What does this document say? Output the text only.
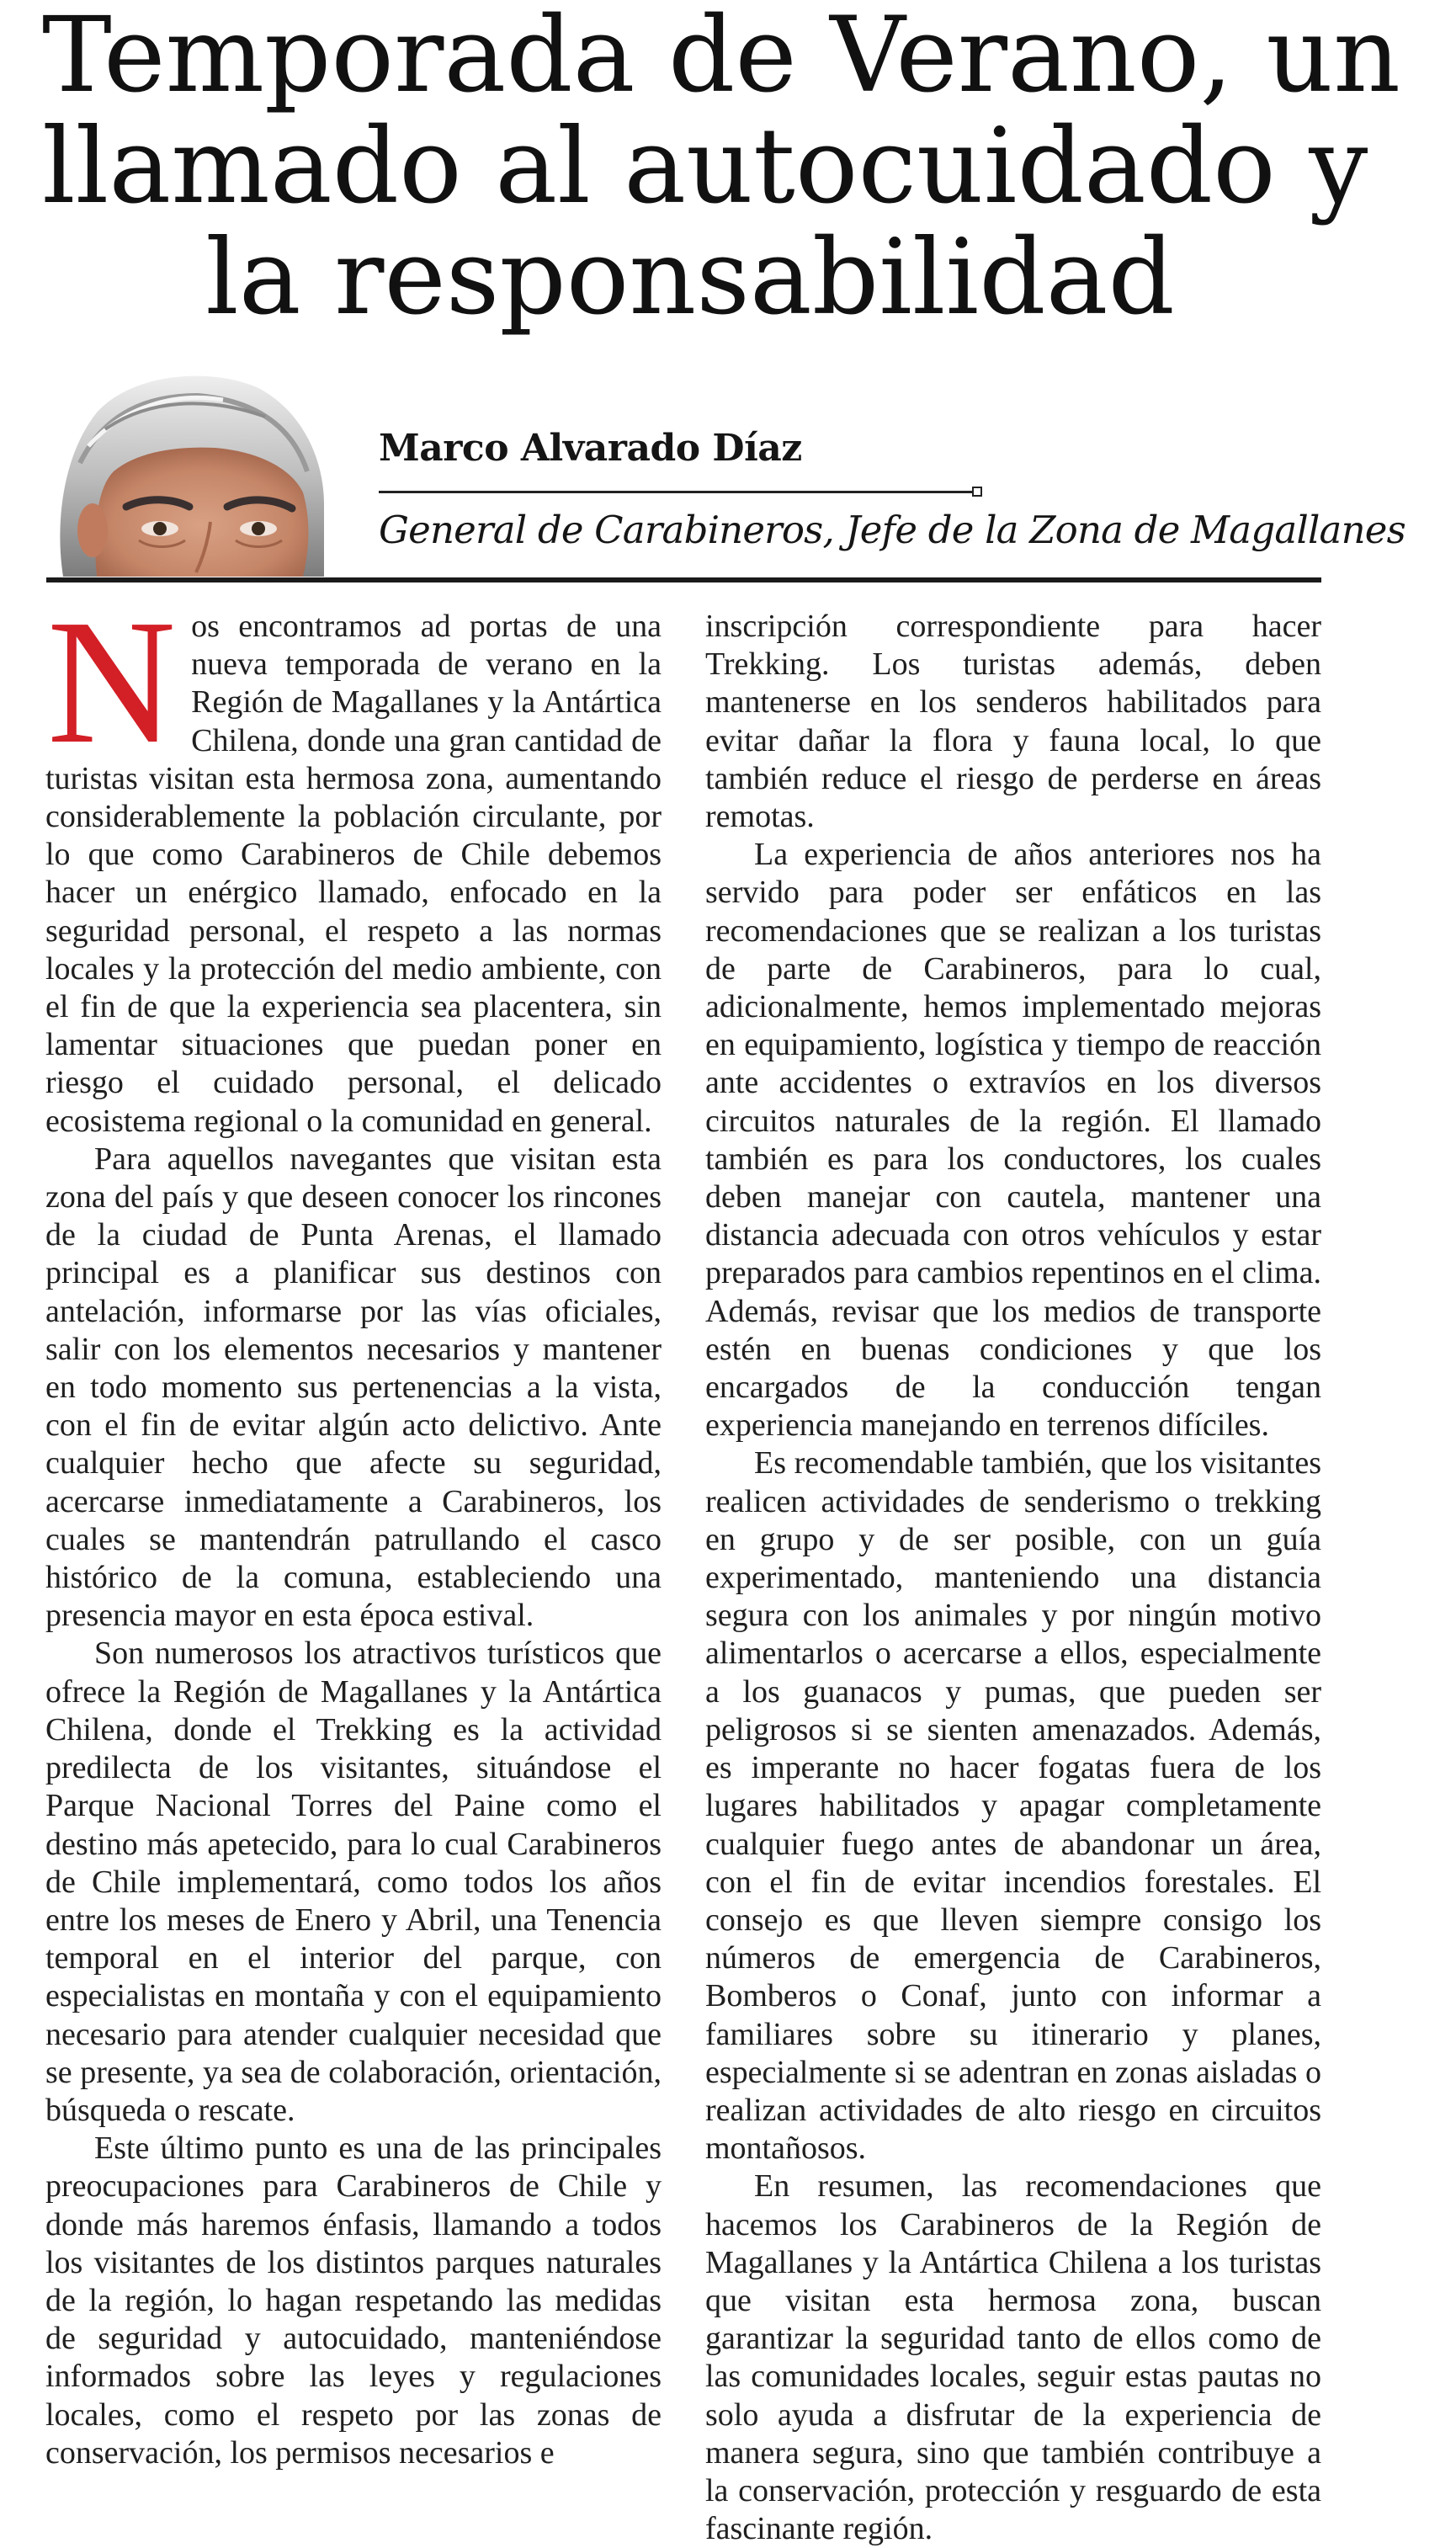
Temporada de Verano, un
llamado al autocuidado y
la responsabilidad
Marco Alvarado Díaz

General de Carabineros, Jefe de la Zona de Magallanes

Nos encontramos ad portas de una nueva temporada de verano en la Región de Magallanes y la Antártica Chilena, donde una gran cantidad de turistas visitan esta hermosa zona, aumentando considerablemente la población circulante, por lo que como Carabineros de Chile debemos hacer un enérgico llamado, enfocado en la seguridad personal, el respeto a las normas locales y la protección del medio ambiente, con el fin de que la experiencia sea placentera, sin lamentar situaciones que puedan poner en riesgo el cuidado personal, el delicado ecosistema regional o la comunidad en general.

Para aquellos navegantes que visitan esta zona del país y que deseen conocer los rincones de la ciudad de Punta Arenas, el llamado principal es a planificar sus destinos con antelación, informarse por las vías oficiales, salir con los elementos necesarios y mantener en todo momento sus pertenencias a la vista, con el fin de evitar algún acto delictivo. Ante cualquier hecho que afecte su seguridad, acercarse inmediatamente a Carabineros, los cuales se mantendrán patrullando el casco histórico de la comuna, estableciendo una presencia mayor en esta época estival.

Son numerosos los atractivos turísticos que ofrece la Región de Magallanes y la Antártica Chilena, donde el Trekking es la actividad predilecta de los visitantes, situándose el Parque Nacional Torres del Paine como el destino más apetecido, para lo cual Carabineros de Chile implementará, como todos los años entre los meses de Enero y Abril, una Tenencia temporal en el interior del parque, con especialistas en montaña y con el equipamiento necesario para atender cualquier necesidad que se presente, ya sea de colaboración, orientación, búsqueda o rescate.

Este último punto es una de las principales preocupaciones para Carabineros de Chile y donde más haremos énfasis, llamando a todos los visitantes de los distintos parques naturales de la región, lo hagan respetando las medidas de seguridad y autocuidado, manteniéndose informados sobre las leyes y regulaciones locales, como el respeto por las zonas de conservación, los permisos necesarios e

inscripción correspondiente para hacer Trekking. Los turistas además, deben mantenerse en los senderos habilitados para evitar dañar la flora y fauna local, lo que también reduce el riesgo de perderse en áreas remotas.

La experiencia de años anteriores nos ha servido para poder ser enfáticos en las recomendaciones que se realizan a los turistas de parte de Carabineros, para lo cual, adicionalmente, hemos implementado mejoras en equipamiento, logística y tiempo de reacción ante accidentes o extravíos en los diversos circuitos naturales de la región. El llamado también es para los conductores, los cuales deben manejar con cautela, mantener una distancia adecuada con otros vehículos y estar preparados para cambios repentinos en el clima. Además, revisar que los medios de transporte estén en buenas condiciones y que los encargados de la conducción tengan experiencia manejando en terrenos difíciles.

Es recomendable también, que los visitantes realicen actividades de senderismo o trekking en grupo y de ser posible, con un guía experimentado, manteniendo una distancia segura con los animales y por ningún motivo alimentarlos o acercarse a ellos, especialmente a los guanacos y pumas, que pueden ser peligrosos si se sienten amenazados. Además, es imperante no hacer fogatas fuera de los lugares habilitados y apagar completamente cualquier fuego antes de abandonar un área, con el fin de evitar incendios forestales. El consejo es que lleven siempre consigo los números de emergencia de Carabineros, Bomberos o Conaf, junto con informar a familiares sobre su itinerario y planes, especialmente si se adentran en zonas aisladas o realizan actividades de alto riesgo en circuitos montañosos.

En resumen, las recomendaciones que hacemos los Carabineros de la Región de Magallanes y la Antártica Chilena a los turistas que visitan esta hermosa zona, buscan garantizar la seguridad tanto de ellos como de las comunidades locales, seguir estas pautas no solo ayuda a disfrutar de la experiencia de manera segura, sino que también contribuye a la conservación, protección y resguardo de esta fascinante región.
